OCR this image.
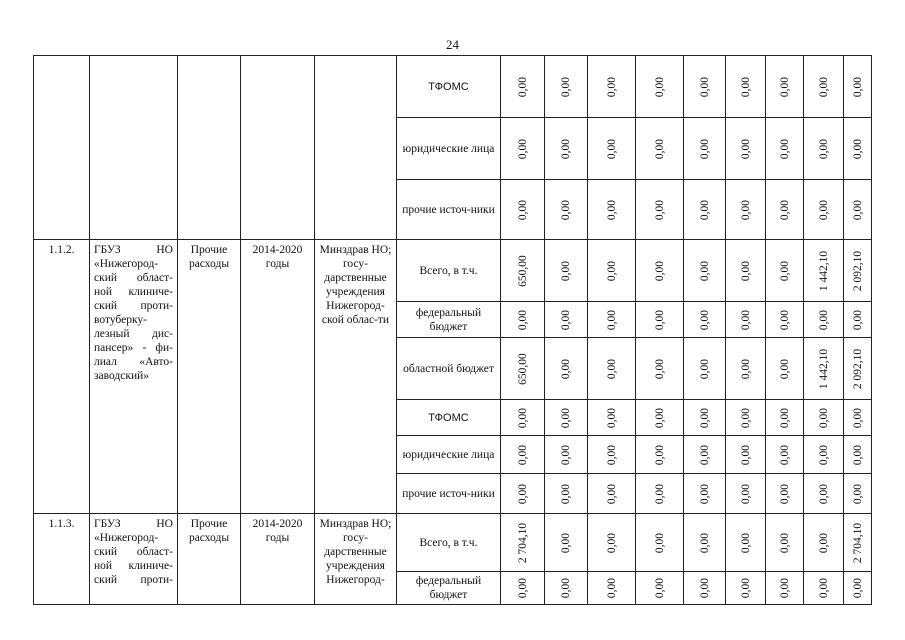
24
					ТФОМС	0,00	0,00	0,00	0,00	0,00	0,00	0,00	0,00	0,00

					юридические лица	0,00	0,00	0,00	0,00	0,00	0,00	0,00	0,00	0,00

					прочие источ-ники	0,00	0,00	0,00	0,00	0,00	0,00	0,00	0,00	0,00

1.1.2.	ГБУЗ НО «Нижегород-ский област-ной клиниче-ский проти-вотуберку-лезный дис-пансер» - фи-лиал «Авто-заводский»	Прочие расходы	2014-2020 годы	Минздрав НО; госу-дарственные учреждения Нижегород-ской облас-ти	Всего, в т.ч.	650,00	0,00	0,00	0,00	0,00	0,00	0,00	1 442,10	2 092,10

					федеральный бюджет	0,00	0,00	0,00	0,00	0,00	0,00	0,00	0,00	0,00

					областной бюджет	650,00	0,00	0,00	0,00	0,00	0,00	0,00	1 442,10	2 092,10

					ТФОМС	0,00	0,00	0,00	0,00	0,00	0,00	0,00	0,00	0,00

					юридические лица	0,00	0,00	0,00	0,00	0,00	0,00	0,00	0,00	0,00

					прочие источ-ники	0,00	0,00	0,00	0,00	0,00	0,00	0,00	0,00	0,00

1.1.3.	ГБУЗ НО «Нижегород-ский област-ной клиниче-ский проти-	Прочие расходы	2014-2020 годы	Минздрав НО; госу-дарственные учреждения Нижегород-	Всего, в т.ч.	2 704,10	0,00	0,00	0,00	0,00	0,00	0,00	0,00	2 704,10

					федеральный бюджет	0,00	0,00	0,00	0,00	0,00	0,00	0,00	0,00	0,00
